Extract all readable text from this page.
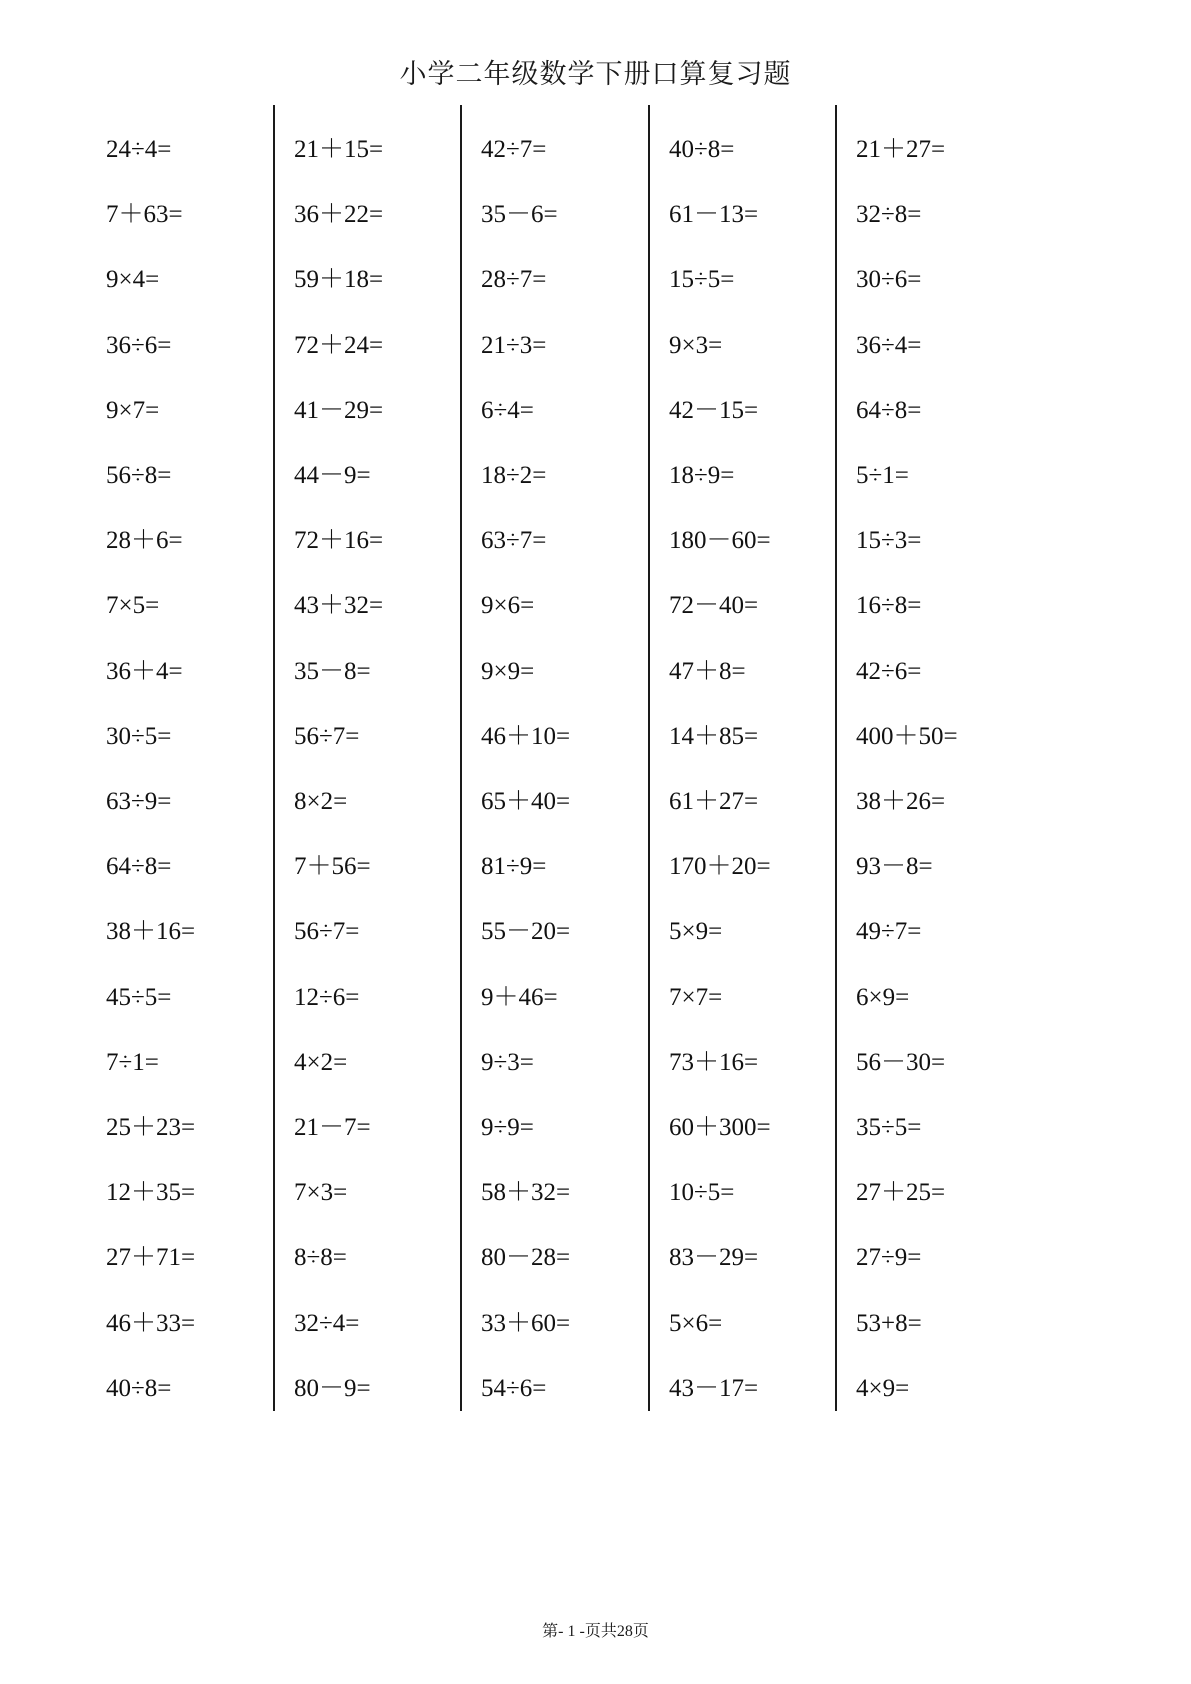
小学二年级数学下册口算复习题
24÷4=
7＋63=
9×4=
36÷6=
9×7=
56÷8=
28＋6=
7×5=
36＋4=
30÷5=
63÷9=
64÷8=
38＋16=
45÷5=
7÷1=
25＋23=
12＋35=
27＋71=
46＋33=
40÷8=
21＋15=
36＋22=
59＋18=
72＋24=
41－29=
44－9=
72＋16=
43＋32=
35－8=
56÷7=
8×2=
7＋56=
56÷7=
12÷6=
4×2=
21－7=
7×3=
8÷8=
32÷4=
80－9=
42÷7=
35－6=
28÷7=
21÷3=
6÷4=
18÷2=
63÷7=
9×6=
9×9=
46＋10=
65＋40=
81÷9=
55－20=
9＋46=
9÷3=
9÷9=
58＋32=
80－28=
33＋60=
54÷6=
40÷8=
61－13=
15÷5=
9×3=
42－15=
18÷9=
180－60=
72－40=
47＋8=
14＋85=
61＋27=
170＋20=
5×9=
7×7=
73＋16=
60＋300=
10÷5=
83－29=
5×6=
43－17=
21＋27=
32÷8=
30÷6=
36÷4=
64÷8=
5÷1=
15÷3=
16÷8=
42÷6=
400＋50=
38＋26=
93－8=
49÷7=
6×9=
56－30=
35÷5=
27＋25=
27÷9=
53+8=
4×9=
第- 1 -页共28页
